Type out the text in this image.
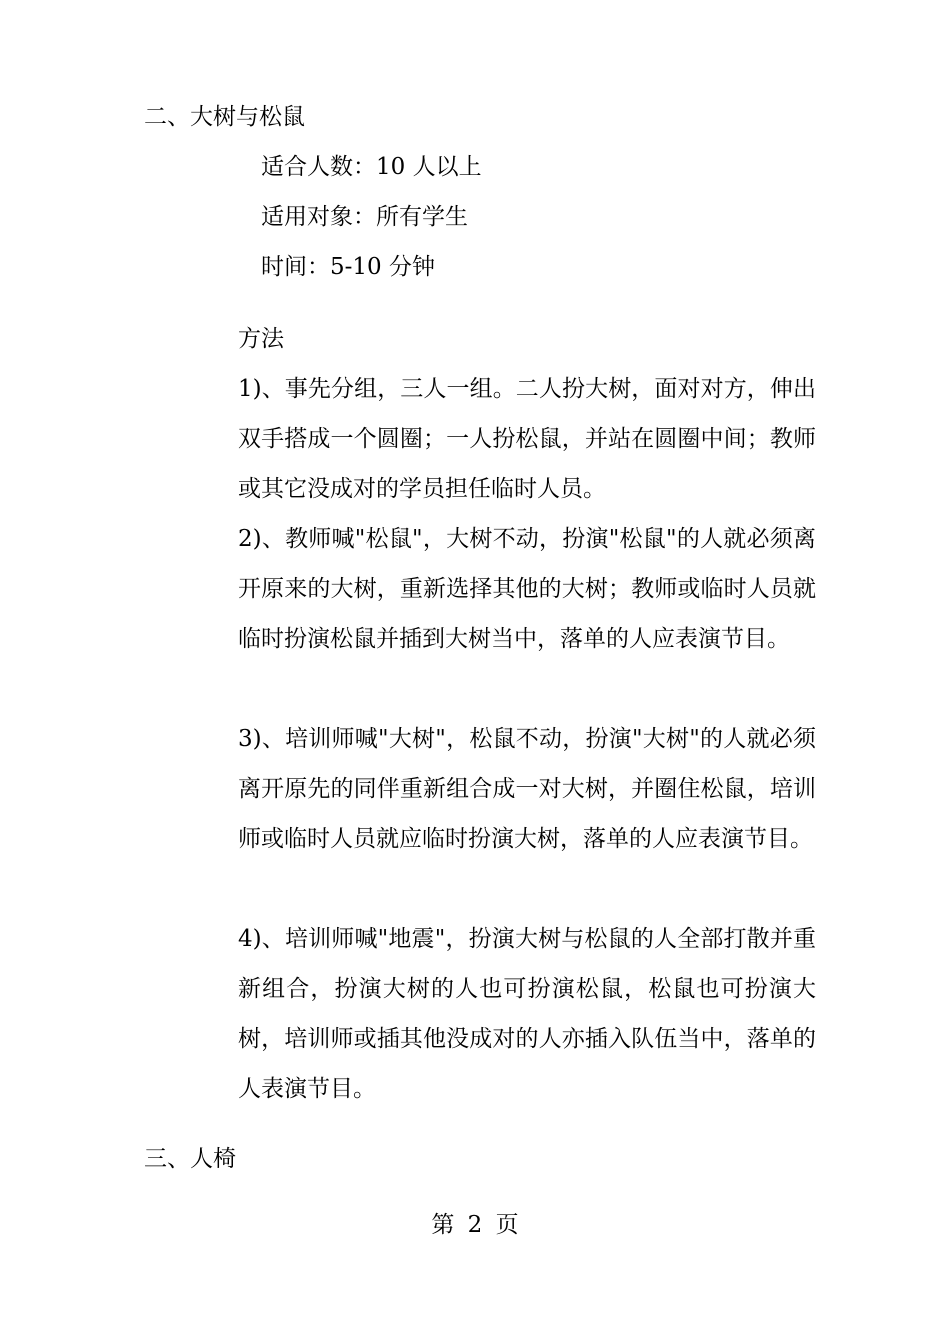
二、大树与松鼠

适合人数：10 人以上

适用对象：所有学生

时间：5-10 分钟

方法

1)、事先分组，三人一组。二人扮大树，面对对方，伸出双手搭成一个圆圈；一人扮松鼠，并站在圆圈中间；教师或其它没成对的学员担任临时人员。

2)、教师喊"松鼠"，大树不动，扮演"松鼠"的人就必须离开原来的大树，重新选择其他的大树；教师或临时人员就临时扮演松鼠并插到大树当中，落单的人应表演节目。

3)、培训师喊"大树"，松鼠不动，扮演"大树"的人就必须离开原先的同伴重新组合成一对大树，并圈住松鼠，培训师或临时人员就应临时扮演大树，落单的人应表演节目。

4)、培训师喊"地震"，扮演大树与松鼠的人全部打散并重新组合，扮演大树的人也可扮演松鼠，松鼠也可扮演大树，培训师或插其他没成对的人亦插入队伍当中，落单的人表演节目。

三、人椅

第 2 页
